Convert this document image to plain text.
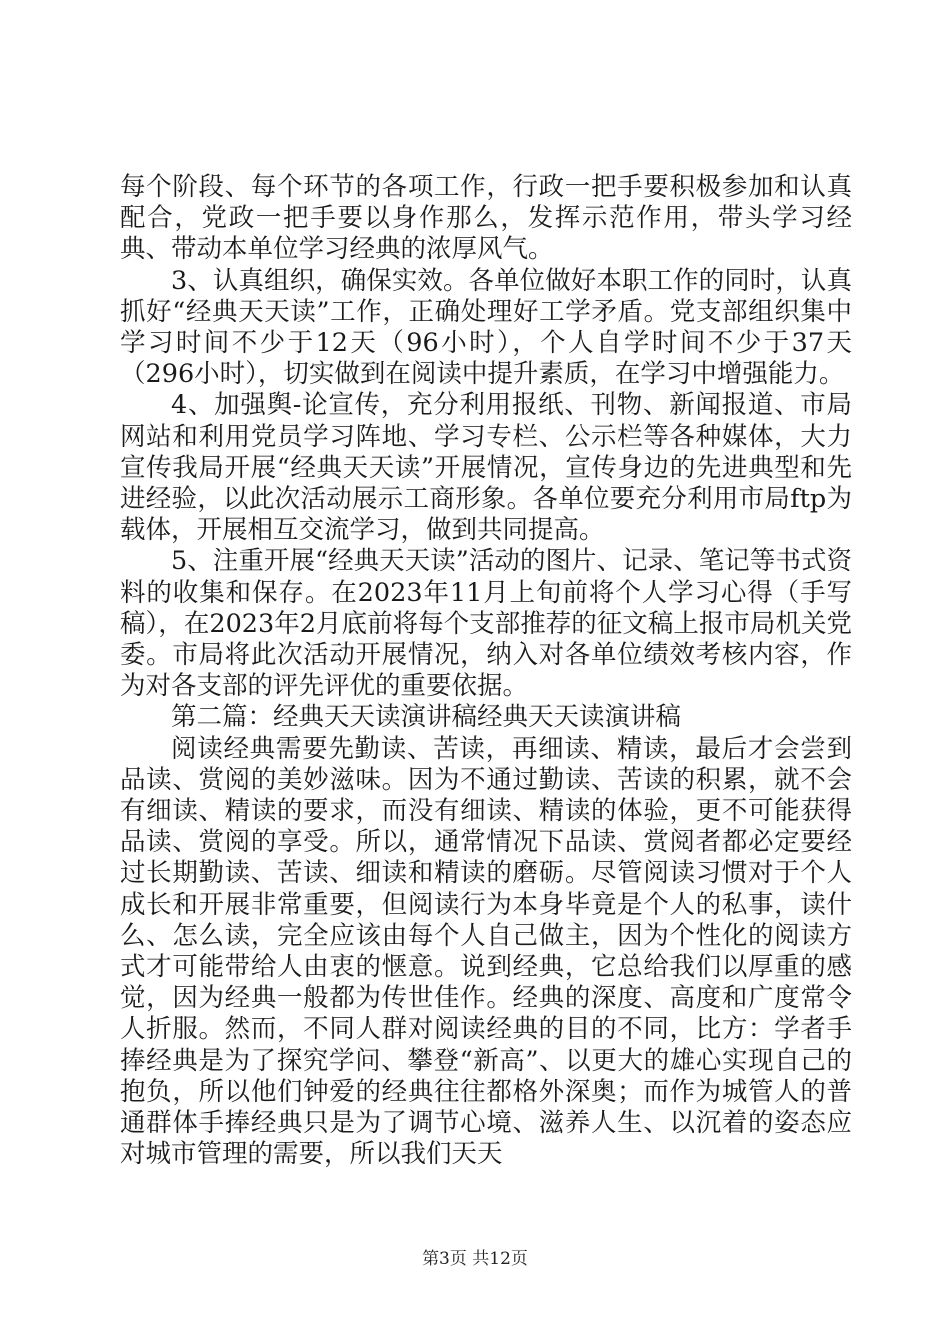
每个阶段、每个环节的各项工作，行政一把手要积极参加和认真配合，党政一把手要以身作那么，发挥示范作用，带头学习经典、带动本单位学习经典的浓厚风气。

3、认真组织，确保实效。各单位做好本职工作的同时，认真抓好“经典天天读”工作，正确处理好工学矛盾。党支部组织集中学习时间不少于12天（96小时），个人自学时间不少于37天（296小时），切实做到在阅读中提升素质，在学习中增强能力。

4、加强舆-论宣传，充分利用报纸、刊物、新闻报道、市局网站和利用党员学习阵地、学习专栏、公示栏等各种媒体，大力宣传我局开展“经典天天读”开展情况，宣传身边的先进典型和先进经验，以此次活动展示工商形象。各单位要充分利用市局ftp为载体，开展相互交流学习，做到共同提高。

5、注重开展“经典天天读”活动的图片、记录、笔记等书式资料的收集和保存。在2023年11月上旬前将个人学习心得（手写稿），在2023年2月底前将每个支部推荐的征文稿上报市局机关党委。市局将此次活动开展情况，纳入对各单位绩效考核内容，作为对各支部的评先评优的重要依据。

第二篇：经典天天读演讲稿经典天天读演讲稿

阅读经典需要先勤读、苦读，再细读、精读，最后才会尝到品读、赏阅的美妙滋味。因为不通过勤读、苦读的积累，就不会有细读、精读的要求，而没有细读、精读的体验，更不可能获得品读、赏阅的享受。所以，通常情况下品读、赏阅者都必定要经过长期勤读、苦读、细读和精读的磨砺。尽管阅读习惯对于个人成长和开展非常重要，但阅读行为本身毕竟是个人的私事，读什么、怎么读，完全应该由每个人自己做主，因为个性化的阅读方式才可能带给人由衷的惬意。说到经典，它总给我们以厚重的感觉，因为经典一般都为传世佳作。经典的深度、高度和广度常令人折服。然而，不同人群对阅读经典的目的不同，比方：学者手捧经典是为了探究学问、攀登“新高”、以更大的雄心实现自己的抱负，所以他们钟爱的经典往往都格外深奥；而作为城管人的普通群体手捧经典只是为了调节心境、滋养人生、以沉着的姿态应对城市管理的需要，所以我们天天

第3页 共12页
